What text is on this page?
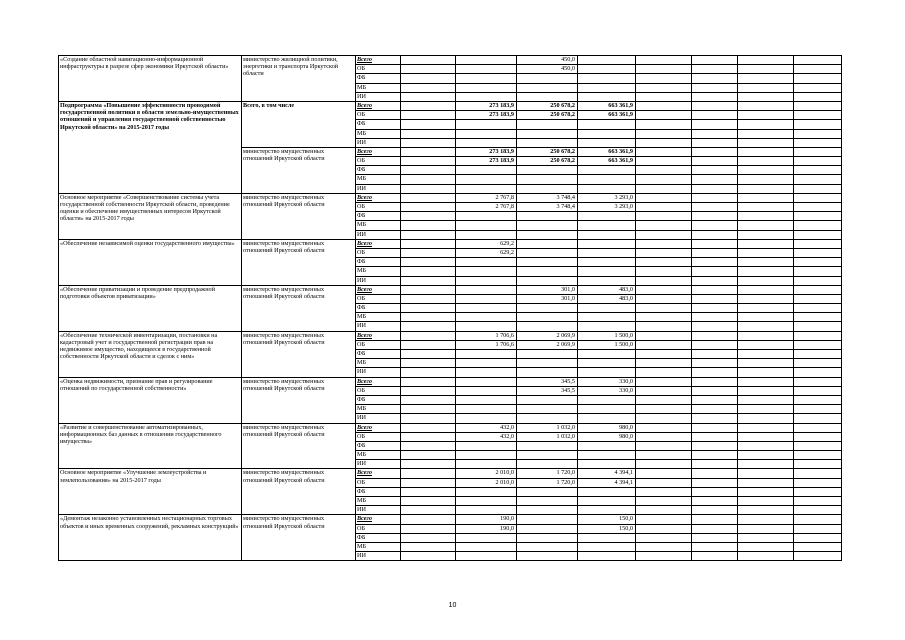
«Создание областной навигационно-информационной инфраструктуры в разрезе сфер экономики Иркутской области»	министерство жилищной политики, энергетики и транспорта Иркутской области	Всего			450,0					
		ОБ			450,0					
		ФБ								
		МБ								
		ИИ								
Подпрограмма «Повышение эффективности проводимой государственной политики в области земельно-имущественных отношений и управления государственной собственностью Иркутской области» на 2015-2017 годы	Всего, в том числе	Всего		273 183,9	250 678,2	663 361,9				
		ОБ		273 183,9	250 678,2	663 361,9				
		ФБ								
		МБ								
		ИИ								
	министерство имущественных отношений Иркутской области	Всего		273 183,9	250 678,2	663 361,9				
		ОБ		273 183,9	250 678,2	663 361,9				
		ФБ								
		МБ								
		ИИ								
Основное мероприятие «Совершенствование системы учета государственной собственности Иркутской области, проведение оценки и обеспечение имущественных интересов Иркутской области» на 2015-2017 годы	министерство имущественных отношений Иркутской области	Всего		2 767,8	3 748,4	3 293,0				
		ОБ		2 767,8	3 748,4	3 293,0				
		ФБ								
		МБ								
		ИИ								
«Обеспечение независимой оценки государственного имущества»	министерство имущественных отношений Иркутской области	Всего		629,2						
		ОБ		629,2						
		ФБ								
		МБ								
		ИИ								
«Обеспечение приватизации и проведение предпродажной подготовки объектов приватизации»	министерство имущественных отношений Иркутской области	Всего			301,0	483,0				
		ОБ			301,0	483,0				
		ФБ								
		МБ								
		ИИ								
«Обеспечение технической инвентаризации, постановки на кадастровый учет и государственной регистрации прав на недвижимое имущество, находящееся в государственной собственности Иркутской области и сделок с ним»	министерство имущественных отношений Иркутской области	Всего		1 706,6	2 069,9	1 500,0				
		ОБ		1 706,6	2 069,9	1 500,0				
		ФБ								
		МБ								
		ИИ								
«Оценка недвижимости, признание прав и регулирование отношений по государственной собственности»	министерство имущественных отношений Иркутской области	Всего			345,5	330,0				
		ОБ			345,5	330,0				
		ФБ								
		МБ								
		ИИ								
«Развитие и совершенствование автоматизированных, информационных баз данных в отношении государственного имущества»	министерство имущественных отношений Иркутской области	Всего		432,0	1 032,0	980,0				
		ОБ		432,0	1 032,0	980,0				
		ФБ								
		МБ								
		ИИ								
Основное мероприятие «Улучшение землеустройства и землепользования» на 2015-2017 годы	министерство имущественных отношений Иркутской области	Всего		2 010,0	1 720,0	4 394,1				
		ОБ		2 010,0	1 720,0	4 394,1				
		ФБ								
		МБ								
		ИИ								
«Демонтаж незаконно установленных нестационарных торговых объектов и иных временных сооружений, рекламных конструкций»	министерство имущественных отношений Иркутской области	Всего		190,0		150,0				
		ОБ		190,0		150,0				
		ФБ								
		МБ								
		ИИ								
10
